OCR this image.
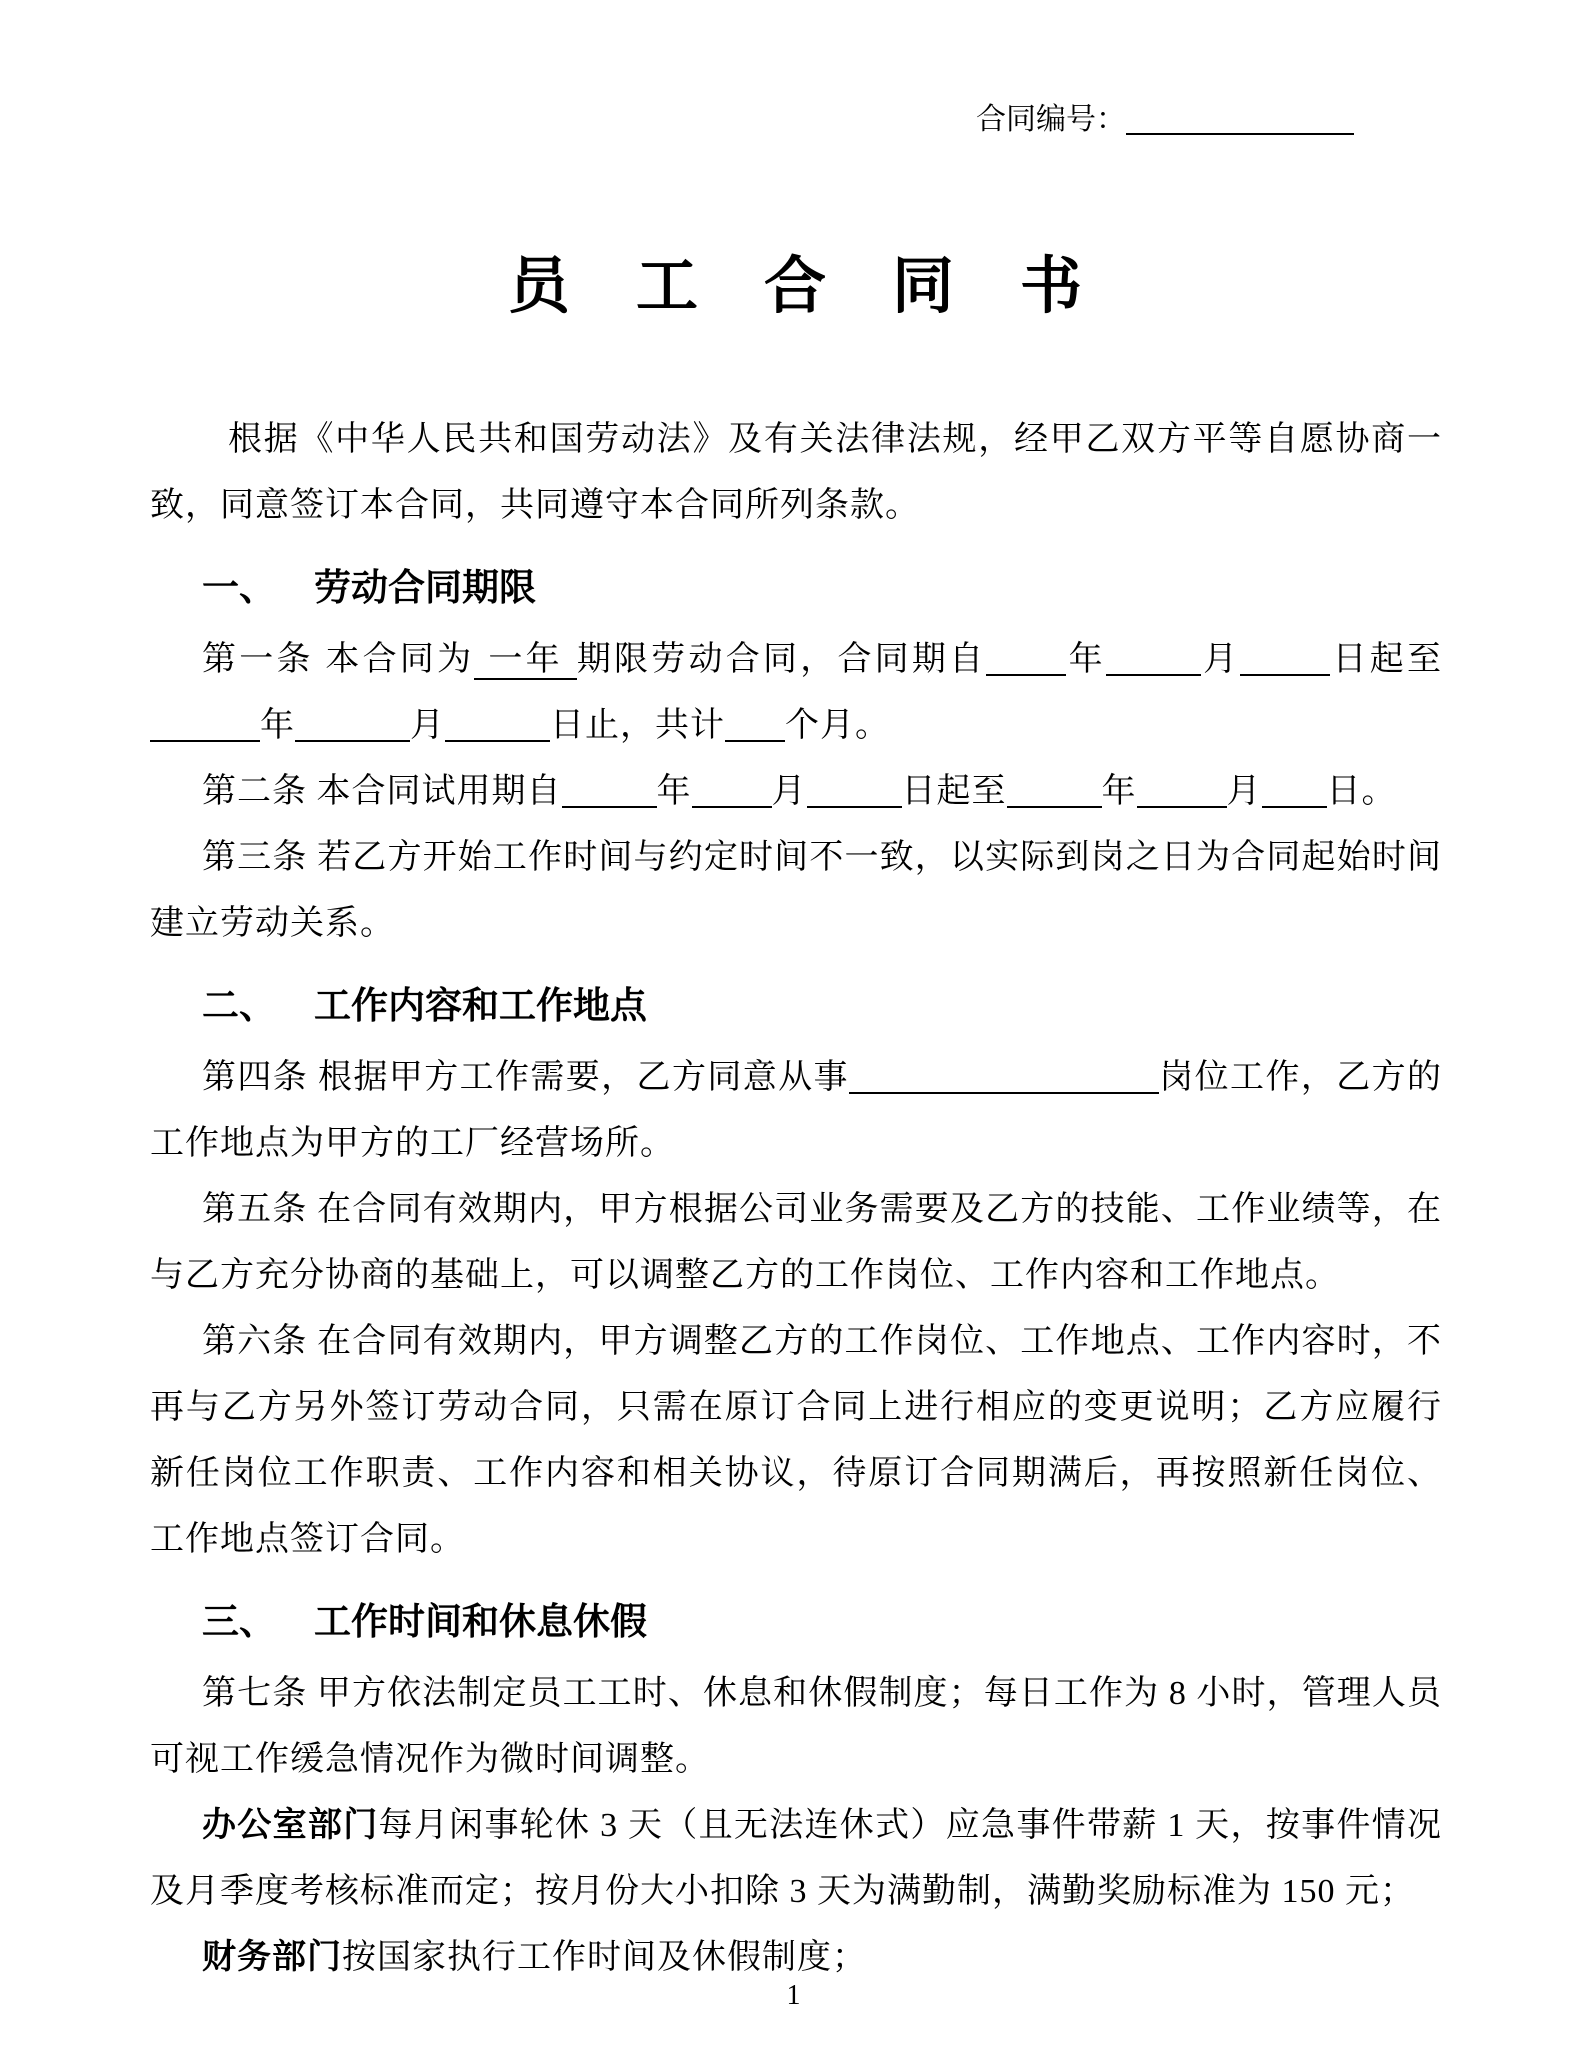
合同编号：
员　工　合　同　书

根据《中华人民共和国劳动法》及有关法律法规，经甲乙双方平等自愿协商一致，同意签订本合同，共同遵守本合同所列条款。

一、 劳动合同期限

第一条 本合同为 一年 期限劳动合同，合同期自 年	月	日起至年	月	日止，共计 个月。

第二条 本合同试用期自	年 月	日起至	年	月 日。

第三条 若乙方开始工作时间与约定时间不一致，以实际到岗之日为合同起始时间建立劳动关系。

二、 工作内容和工作地点

第四条 根据甲方工作需要，乙方同意从事	岗位工作，乙方的工作地点为甲方的工厂经营场所。

第五条 在合同有效期内，甲方根据公司业务需要及乙方的技能、工作业绩等，在与乙方充分协商的基础上，可以调整乙方的工作岗位、工作内容和工作地点。

第六条 在合同有效期内，甲方调整乙方的工作岗位、工作地点、工作内容时，不再与乙方另外签订劳动合同，只需在原订合同上进行相应的变更说明；乙方应履行新任岗位工作职责、工作内容和相关协议，待原订合同期满后，再按照新任岗位、工作地点签订合同。

三、 工作时间和休息休假

第七条 甲方依法制定员工工时、休息和休假制度；每日工作为 8 小时，管理人员可视工作缓急情况作为微时间调整。

办公室部门每月闲事轮休 3 天（且无法连休式）应急事件带薪 1 天，按事件情况及月季度考核标准而定；按月份大小扣除 3 天为满勤制，满勤奖励标准为 150 元；

财务部门按国家执行工作时间及休假制度；

1
